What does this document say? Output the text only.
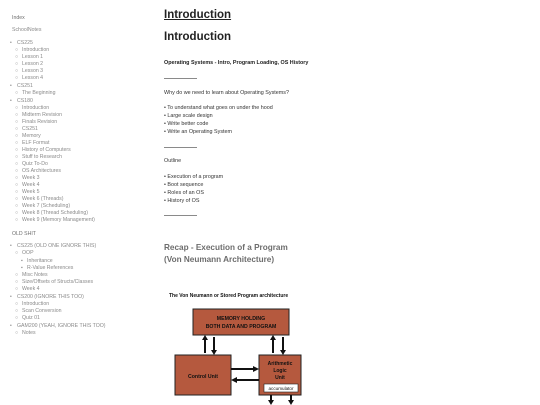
Index
SchoolNotes
• CS225
○ Introduction
○ Lesson 1
○ Lesson 2
○ Lesson 3
○ Lesson 4
• CS251
○ The Beginning
• CS180
○ Introduction
○ Midterm Revision
○ Finals Revision
○ CS251
○ Memory
○ ELF Format
○ History of Computers
○ Stuff to Research
○ Quiz To-Do
○ OS Architectures
○ Week 3
○ Week 4
○ Week 5
○ Week 6 (Threads)
○ Week 7 (Scheduling)
○ Week 8 (Thread Scheduling)
○ Week 9 (Memory Management)
OLD SHIT
• CS225 (OLD ONE IGNORE THIS)
○ OOP
▪ Inheritance
▪ R-Value References
○ Misc Notes
○ Size/Offsets of Structs/Classes
○ Week 4
• CS200 (IGNORE THIS TOO)
○ Introduction
○ Scan Conversion
○ Quiz 01
• GAM200 (YEAH, IGNORE THIS TOO)
○ Notes
Introduction
Introduction
Operating Systems - Intro, Program Loading, OS History
Why do we need to learn about Operating Systems?
• To understand what goes on under the hood
• Large scale design
• Write better code
• Write an Operating System
Outline
• Execution of a program
• Boot sequence
• Roles of an OS
• History of OS
Recap - Execution of a Program
(Von Neumann Architecture)
The Von Neumann or Stored Program architecture
MEMORY HOLDING
BOTH DATA AND PROGRAM
Control Unit
Arithmetic
Logic
Unit
accumulator
